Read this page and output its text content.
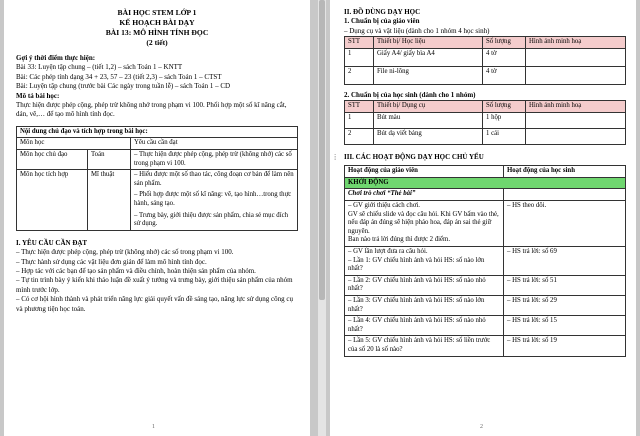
BÀI HỌC STEM LỚP 1
KẾ HOẠCH BÀI DẠY
BÀI 13: MÔ HÌNH TÍNH ĐỌC
(2 tiết)
Gợi ý thời điểm thực hiện:
Bài 33: Luyện tập chung – (tiết 1,2) – sách Toán 1 – KNTT
Bài: Các phép tính dạng 34 + 23, 57 – 23 (tiết 2,3) – sách Toán 1 – CTST
Bài: Luyện tập chung (trước bài Các ngày trong tuần lễ) – sách Toán 1 – CD
Mô tả bài học:
Thực hiện được phép cộng, phép trừ không nhớ trong phạm vi 100. Phối hợp một số kĩ năng cắt, dán, vẽ,… để tạo mô hình tính đọc.
Nội dung chủ đạo và tích hợp trong bài học:		
Môn học		Yêu cầu cần đạt
Môn học chủ đạo	Toán	– Thực hiện được phép cộng, phép trừ (không nhớ) các số trong phạm vi 100.
Môn học tích hợp	Mĩ thuật	– Hiểu được một số thao tác, công đoạn cơ bản để làm nên sản phẩm.
– Phối hợp được một số kĩ năng: vẽ, tạo hình…trong thực hành, sáng tạo.
– Trưng bày, giới thiệu được sản phẩm, chia sẻ mục đích sử dụng.
I. YÊU CẦU CẦN ĐẠT
– Thực hiện được phép cộng, phép trừ (không nhớ) các số trong phạm vi 100.
– Thực hành sử dụng các vật liệu đơn giản để làm mô hình tính đọc.
– Hợp tác với các bạn để tạo sản phẩm và điều chỉnh, hoàn thiện sản phẩm của nhóm.
– Tự tin trình bày ý kiến khi thảo luận đề xuất ý tưởng và trưng bày, giới thiệu sản phẩm của nhóm mình trước lớp.
– Có cơ hội hình thành và phát triển năng lực giải quyết vấn đề sáng tạo, năng lực sử dụng công cụ và phương tiện học toán.
1
II. ĐỒ DÙNG DẠY HỌC
1. Chuẩn bị của giáo viên
– Dụng cụ và vật liệu (dành cho 1 nhóm 4 học sinh)
STT	Thiết bị/ Học liệu	Số lượng	Hình ảnh minh hoạ
1	Giấy A4/ giấy bìa A4	4 tờ	
2	File ni-lông	4 tờ	
2. Chuẩn bị của học sinh (dành cho 1 nhóm)
STT	Thiết bị/ Dụng cụ	Số lượng	Hình ảnh minh hoạ
1	Bút màu	1 hộp	
2	Bút dạ viết bảng	1 cái	
⁞ III. CÁC HOẠT ĐỘNG DẠY HỌC CHỦ YẾU
Hoạt động của giáo viên	Hoạt động của học sinh
KHỞI ĐỘNG	
Chơi trò chơi “Thẻ bài”	
– GV giới thiệu cách chơi.
GV sẽ chiếu slide và đọc câu hỏi. Khi GV bấm vào thẻ, nếu đáp án đúng sẽ hiện pháo hoa, đáp án sai thẻ giữ nguyên.
Ban nào trả lời đúng thì được 2 điểm.	– HS theo dõi.
– GV lần lượt đưa ra câu hỏi.
– Lần 1: GV chiếu hình ảnh và hỏi HS: số nào lớn nhất?	– HS trả lời: số 69
– Lần 2: GV chiếu hình ảnh và hỏi HS: số nào nhỏ nhất?	– HS trả lời: số 51
– Lần 3: GV chiếu hình ảnh và hỏi HS: số nào lớn nhất?	– HS trả lời: số 29
– Lần 4: GV chiếu hình ảnh và hỏi HS: số nào nhỏ nhất?	– HS trả lời: số 15
– Lần 5: GV chiếu hình ảnh và hỏi HS: số liền trước của số 20 là số nào?	– HS trả lời: số 19
2
